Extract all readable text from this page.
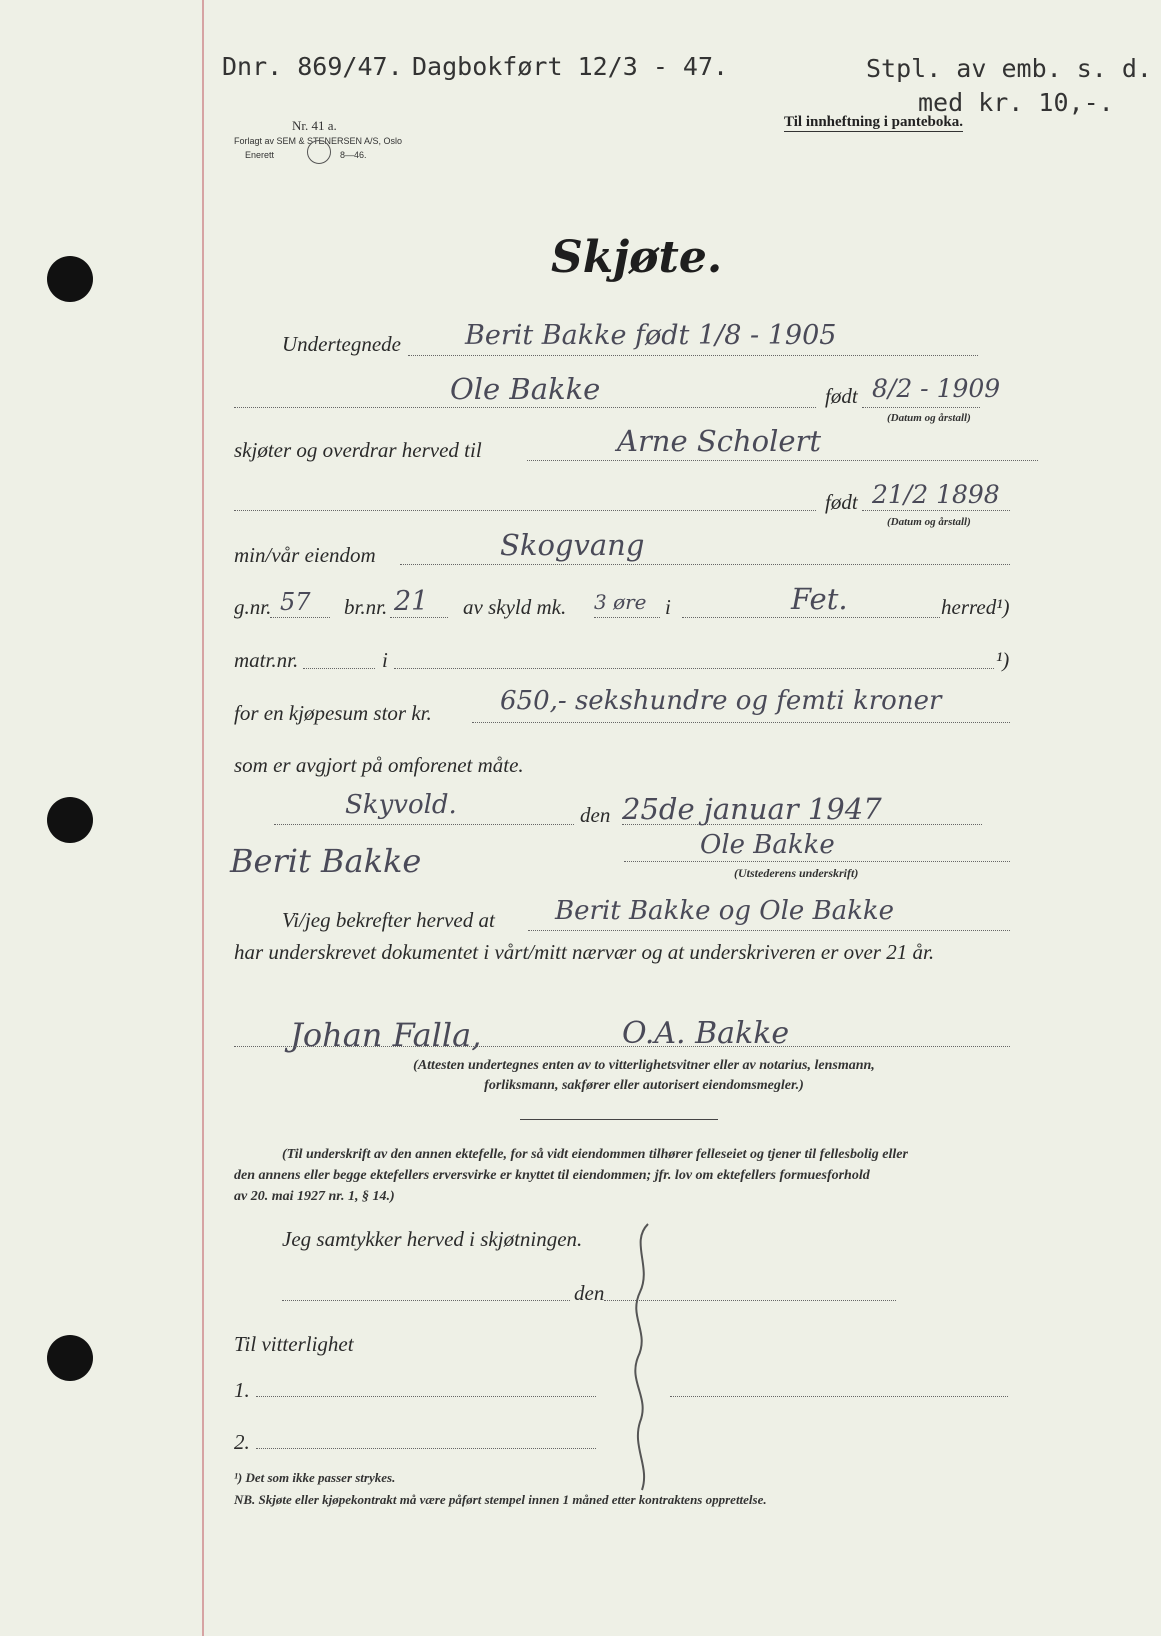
Dnr. 869/47. Dagbokført 12/3 - 47.	Stpl. av emb. s. d.
med kr. 10,-.
Til innheftning i panteboka.
Nr. 41 a.
Forlagt av SEM & STENERSEN A/S, Oslo
Enerett	8—46.
Skjøte.
Undertegnede Berit Bakke født 1/8 - 1905
Ole Bakke	født 8/2 - 1909
(Datum og årstall)
skjøter og overdrar herved til	Arne Scholert
født 21/2 1898
(Datum og årstall)
min/vår eiendom	Skogvang
g.nr. 57 br.nr. 21 av skyld mk. 3 øre i	Fet.	herred¹)
matr.nr.	i	¹)
for en kjøpesum stor kr.	650,- sekshundre og femti kroner
som er avgjort på omforenet måte.
Skyvold.	den 25de januar 1947
Berit Bakke	Ole Bakke
(Utstederens underskrift)
Vi/jeg bekrefter herved at Berit Bakke og Ole Bakke
har underskrevet dokumentet i vårt/mitt nærvær og at underskriveren er over 21 år.
Johan Falla,	O.A. Bakke
(Attesten undertegnes enten av to vitterlighetsvitner eller av notarius, lensmann,
forliksmann, sakfører eller autorisert eiendomsmegler.)
(Til underskrift av den annen ektefelle, for så vidt eiendommen tilhører felleseiet og tjener til fellesbolig eller
den annens eller begge ektefellers erversvirke er knyttet til eiendommen; jfr. lov om ektefellers formuesforhold
av 20. mai 1927 nr. 1, § 14.)
Jeg samtykker herved i skjøtningen.
den
Til vitterlighet
1.
2.
¹) Det som ikke passer strykes.
NB. Skjøte eller kjøpekontrakt må være påført stempel innen 1 måned etter kontraktens opprettelse.
